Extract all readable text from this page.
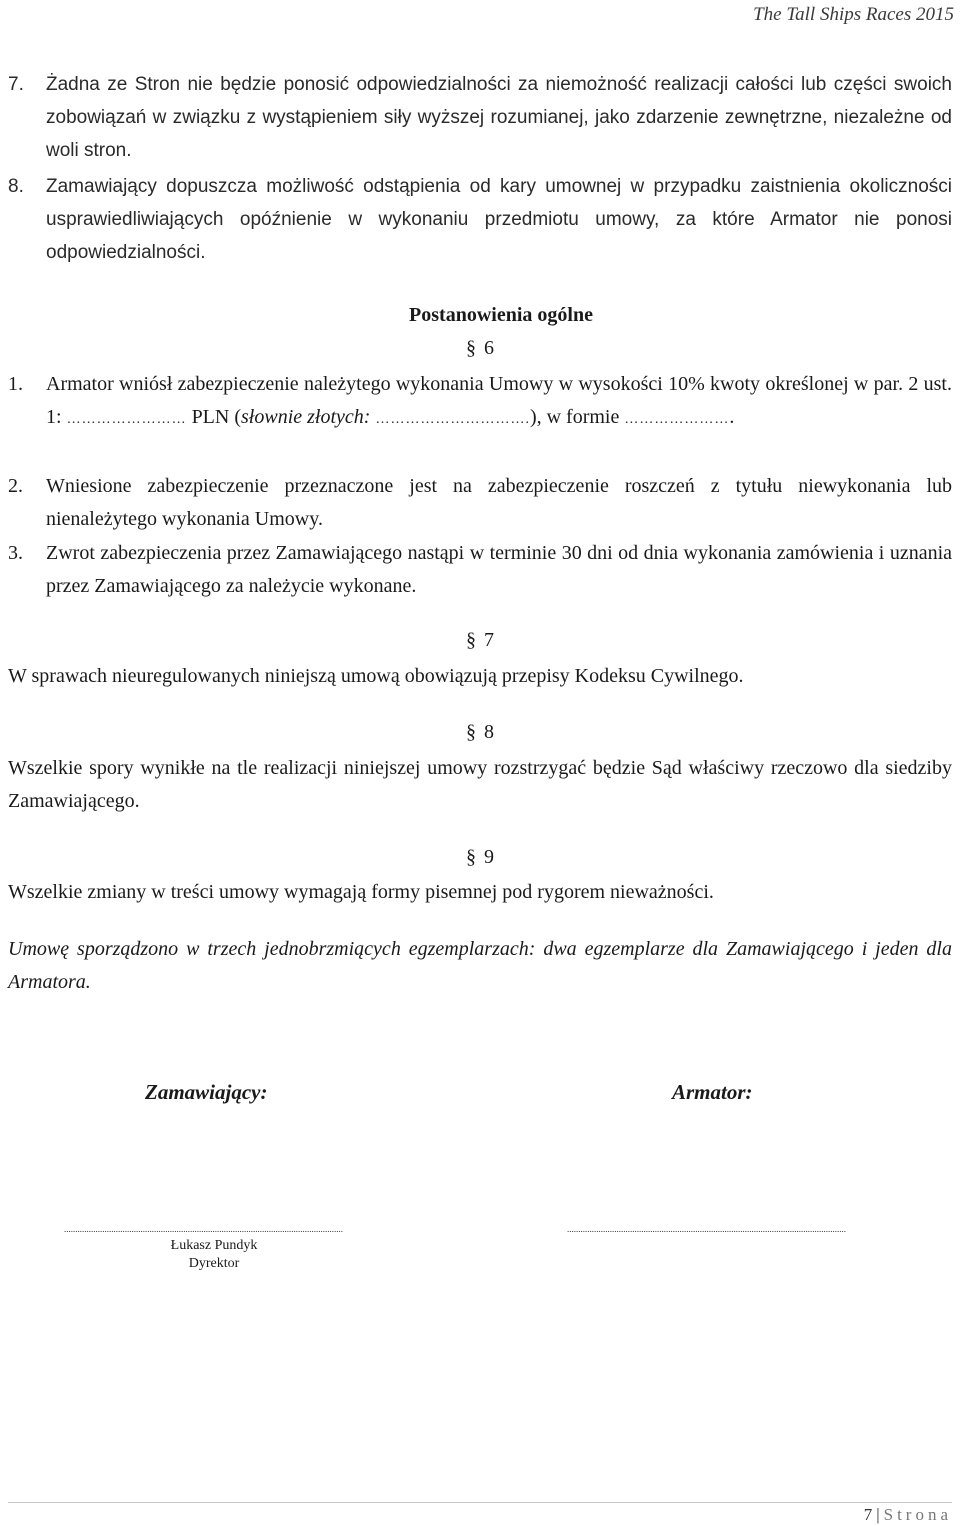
The Tall Ships Races 2015
7. Żadna ze Stron nie będzie ponosić odpowiedzialności za niemożność realizacji całości lub części swoich zobowiązań w związku z wystąpieniem siły wyższej rozumianej, jako zdarzenie zewnętrzne, niezależne od woli stron.
8. Zamawiający dopuszcza możliwość odstąpienia od kary umownej w przypadku zaistnienia okoliczności usprawiedliwiających opóźnienie w wykonaniu przedmiotu umowy, za które Armator nie ponosi odpowiedzialności.
Postanowienia ogólne
§ 6
1. Armator wniósł zabezpieczenie należytego wykonania Umowy w wysokości 10% kwoty określonej w par. 2 ust. 1: …………………… PLN (słownie złotych: ………………………….), w formie ………………….
2. Wniesione zabezpieczenie przeznaczone jest na zabezpieczenie roszczeń z tytułu niewykonania lub nienależytego wykonania Umowy.
3. Zwrot zabezpieczenia przez Zamawiającego nastąpi w terminie 30 dni od dnia wykonania zamówienia i uznania przez Zamawiającego za należycie wykonane.
§ 7
W sprawach nieuregulowanych niniejszą umową obowiązują przepisy Kodeksu Cywilnego.
§ 8
Wszelkie spory wynikłe na tle realizacji niniejszej umowy rozstrzygać będzie Sąd właściwy rzeczowo dla siedziby Zamawiającego.
§ 9
Wszelkie zmiany w treści umowy wymagają formy pisemnej pod rygorem nieważności.
Umowę sporządzono w trzech jednobrzmiących egzemplarzach: dwa egzemplarze dla Zamawiającego i jeden dla Armatora.
Zamawiający:	Armator:
............................................................................................................................	............................................................................................................................
Łukasz Pundyk
Dyrektor
7 | Strona
